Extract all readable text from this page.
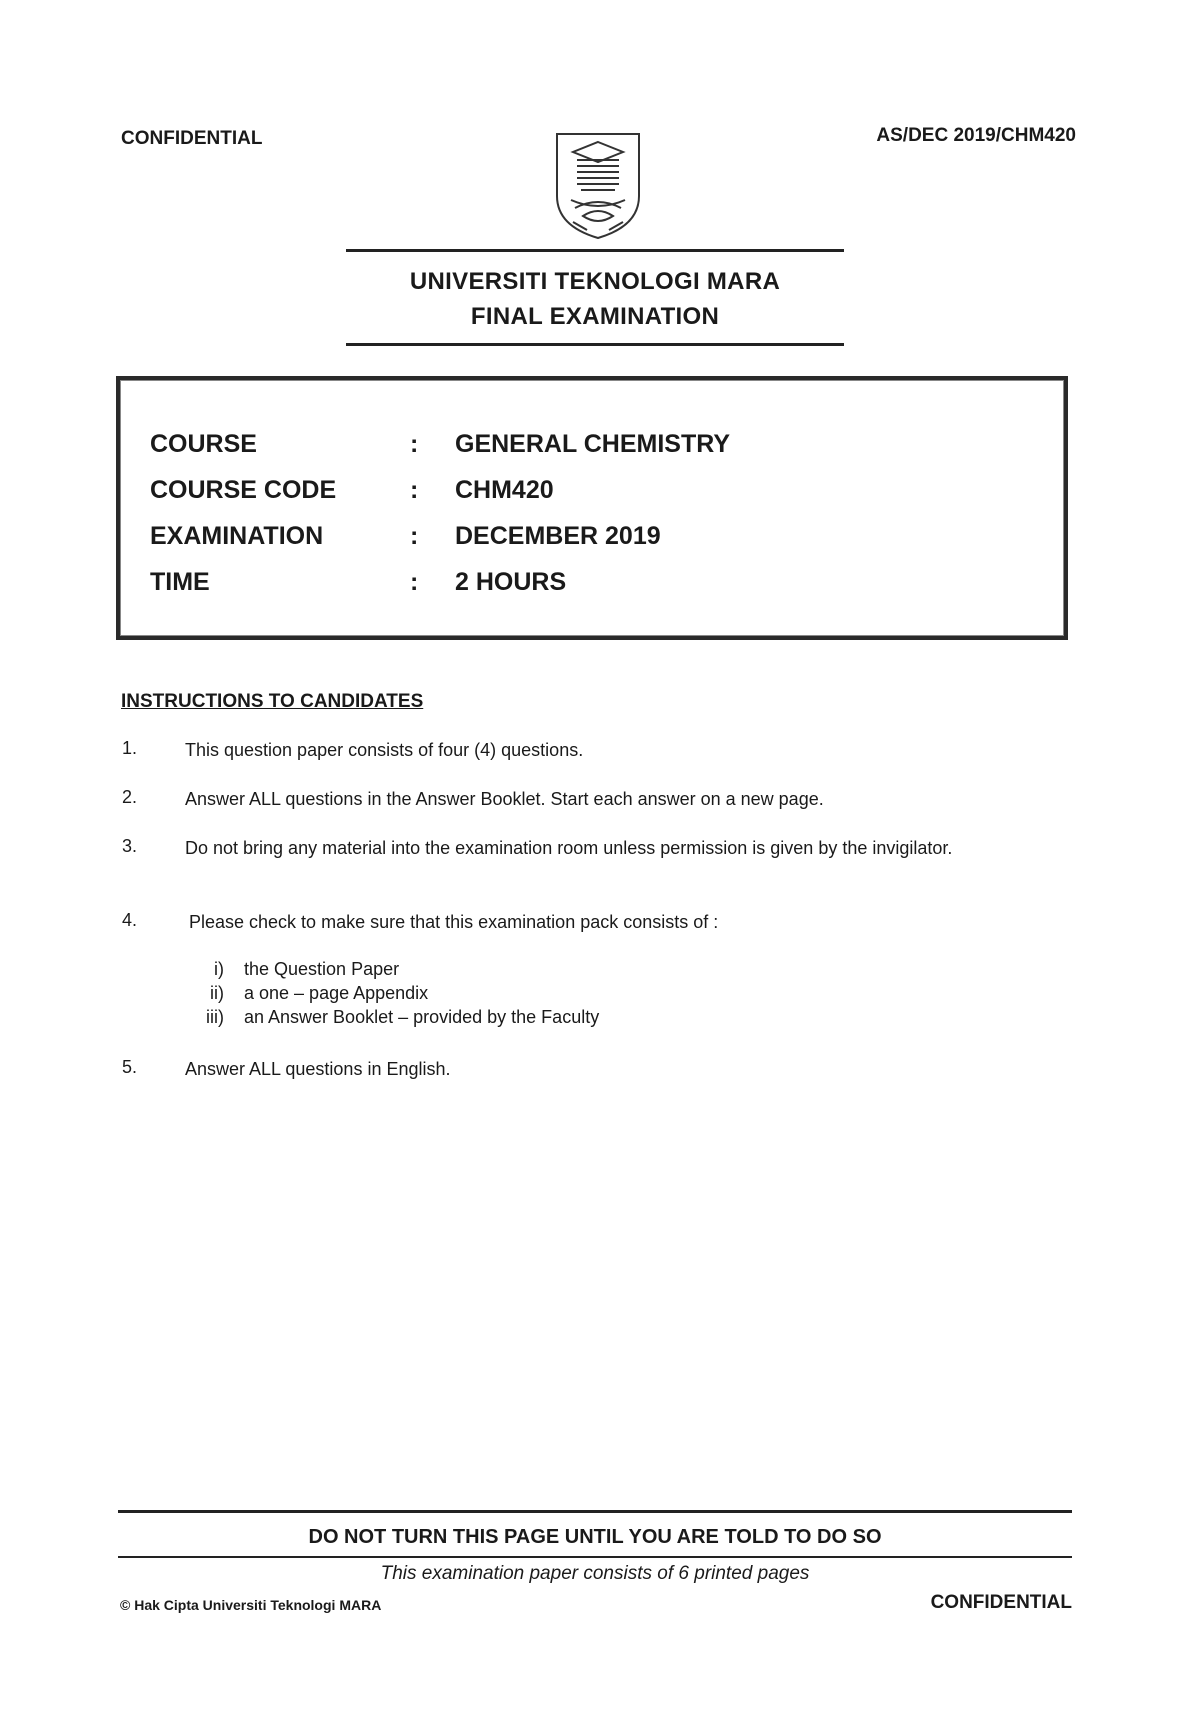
CONFIDENTIAL	AS/DEC 2019/CHM420
UNIVERSITI TEKNOLOGI MARA
FINAL EXAMINATION
COURSE	: GENERAL CHEMISTRY
COURSE CODE	: CHM420
EXAMINATION	: DECEMBER 2019
TIME	: 2 HOURS
INSTRUCTIONS TO CANDIDATES
1.	This question paper consists of four (4) questions.
2.	Answer ALL questions in the Answer Booklet. Start each answer on a new page.
3.	Do not bring any material into the examination room unless permission is given by the invigilator.
4.	Please check to make sure that this examination pack consists of :
i) the Question Paper
ii) a one – page Appendix
iii) an Answer Booklet – provided by the Faculty
5.	Answer ALL questions in English.
DO NOT TURN THIS PAGE UNTIL YOU ARE TOLD TO DO SO
This examination paper consists of 6 printed pages
© Hak Cipta Universiti Teknologi MARA	CONFIDENTIAL
